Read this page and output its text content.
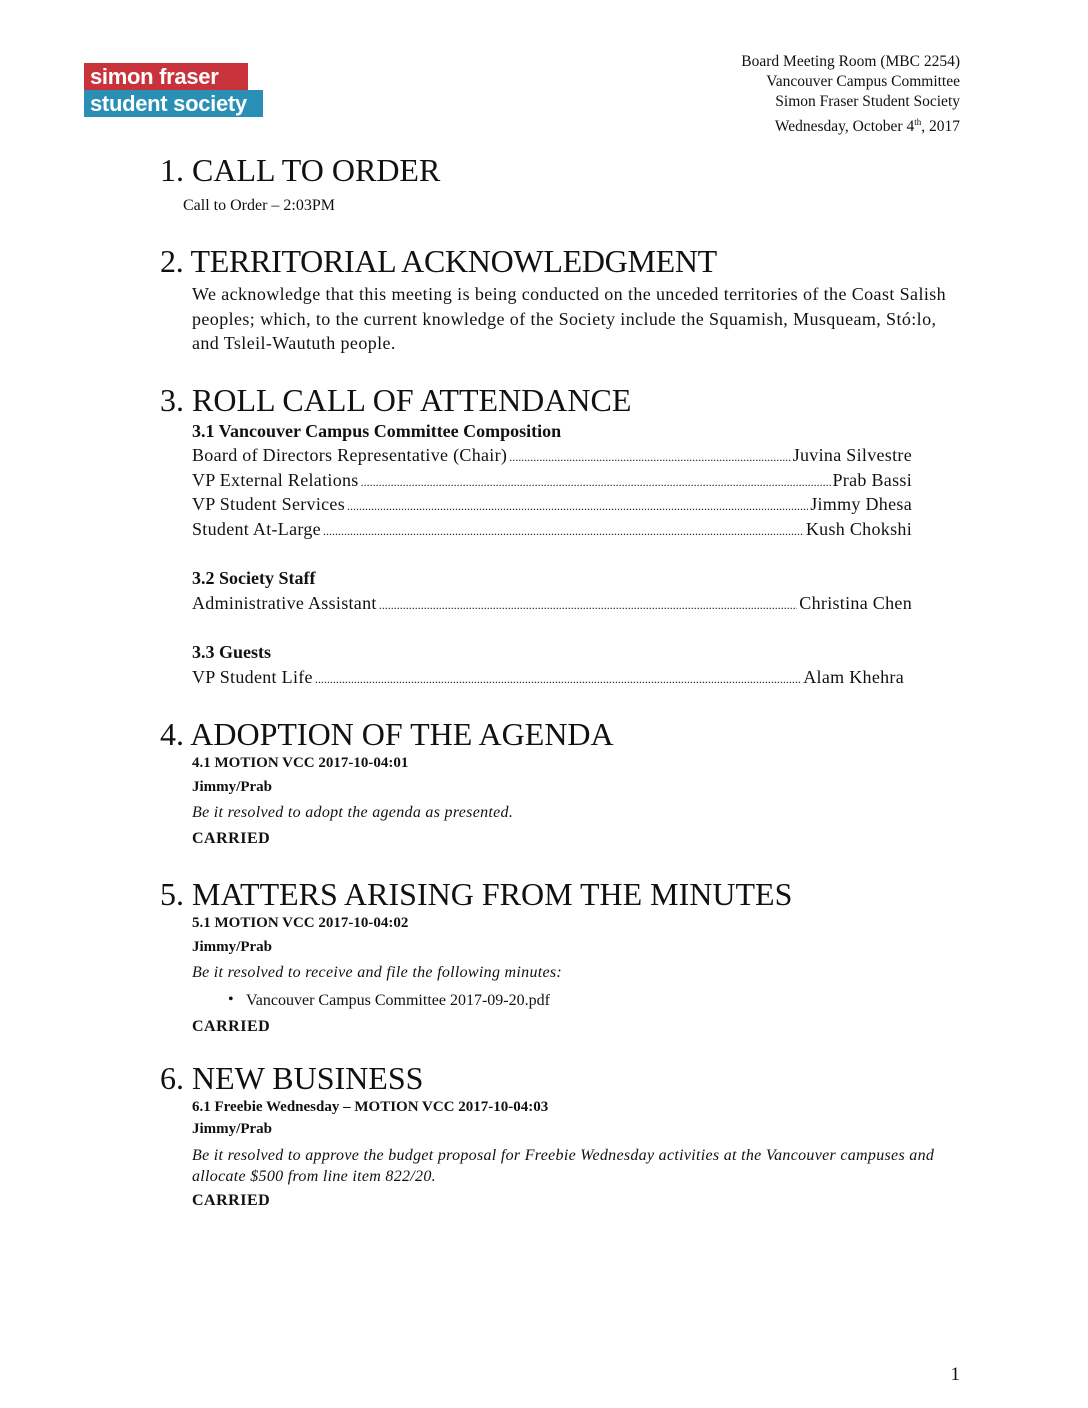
simon fraser
student society
Board Meeting Room (MBC 2254)
Vancouver Campus Committee
Simon Fraser Student Society
Wednesday, October 4th, 2017
1. CALL TO ORDER
Call to Order – 2:03PM
2. TERRITORIAL ACKNOWLEDGMENT
We acknowledge that this meeting is being conducted on the unceded territories of the Coast Salish peoples; which, to the current knowledge of the Society include the Squamish, Musqueam, Stó:lo, and Tsleil-Waututh people.
3. ROLL CALL OF ATTENDANCE
3.1 Vancouver Campus Committee Composition
Board of Directors Representative (Chair) .....	Juvina Silvestre
VP External Relations .....	Prab Bassi
VP Student Services .....	Jimmy Dhesa
Student At-Large .....	Kush Chokshi
3.2 Society Staff
Administrative Assistant .....	Christina Chen
3.3 Guests
VP Student Life .....	Alam Khehra
4. ADOPTION OF THE AGENDA
4.1 MOTION VCC 2017-10-04:01
Jimmy/Prab
Be it resolved to adopt the agenda as presented.
CARRIED
5. MATTERS ARISING FROM THE MINUTES
5.1 MOTION VCC 2017-10-04:02
Jimmy/Prab
Be it resolved to receive and file the following minutes:
• Vancouver Campus Committee 2017-09-20.pdf
CARRIED
6. NEW BUSINESS
6.1 Freebie Wednesday – MOTION VCC 2017-10-04:03
Jimmy/Prab
Be it resolved to approve the budget proposal for Freebie Wednesday activities at the Vancouver campuses and allocate $500 from line item 822/20.
CARRIED
1
